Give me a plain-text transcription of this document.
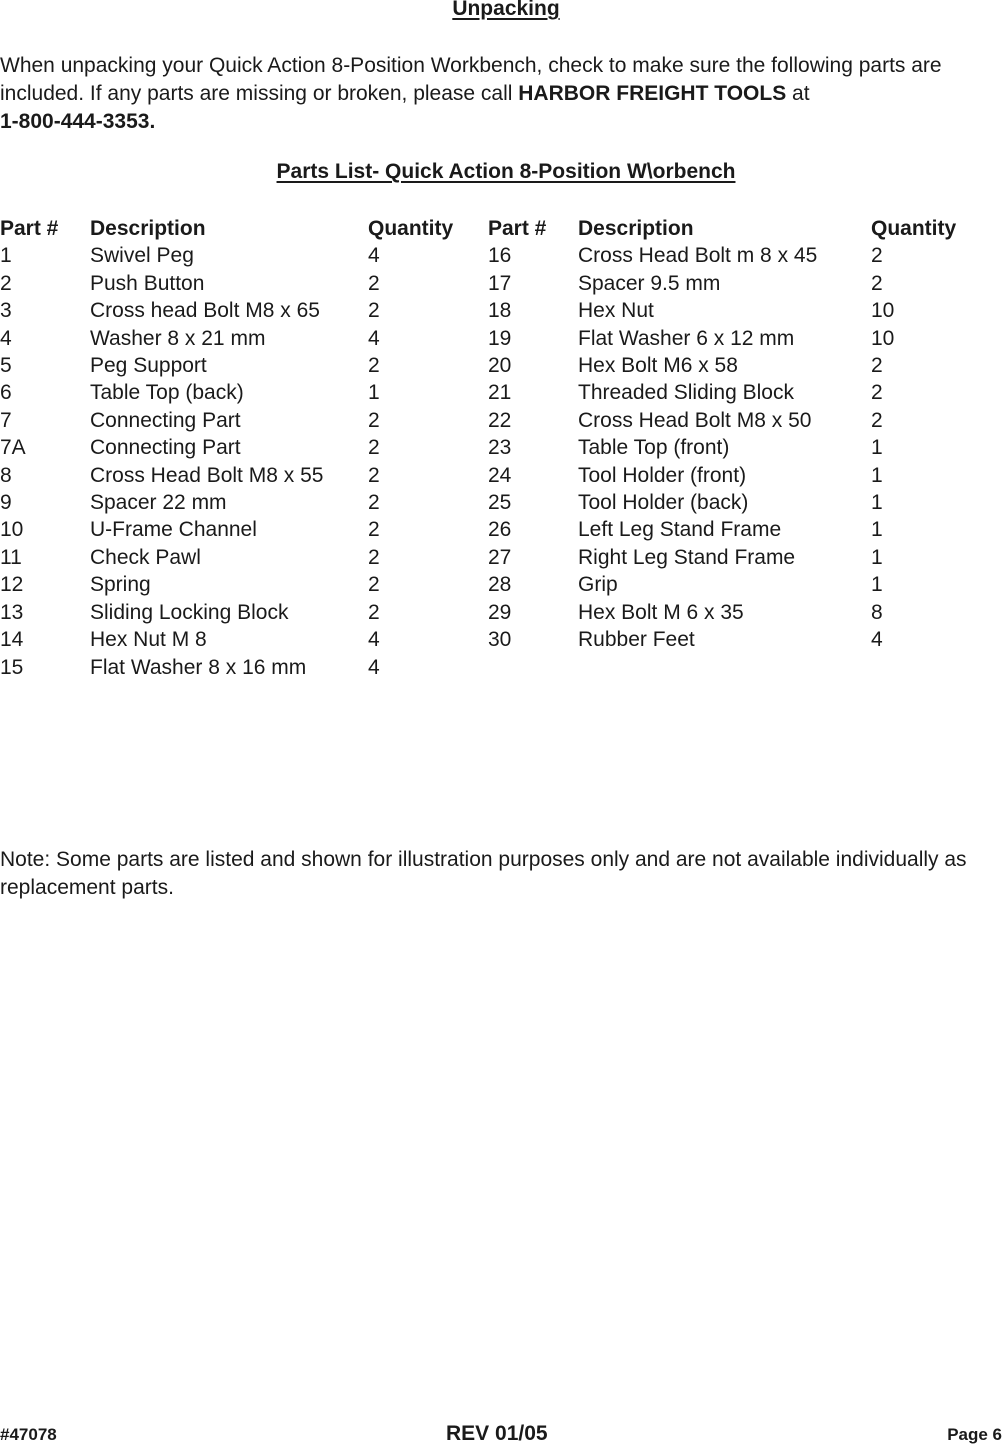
Unpacking
When unpacking your Quick Action 8-Position Workbench, check to make sure the following parts are included. If any parts are missing or broken, please call HARBOR FREIGHT TOOLS at
1-800-444-3353.
Parts List- Quick Action 8-Position W\orbench
Part #
1
2
3
4
5
6
7
7A
8
9
10
11
12
13
14
15
Description
Swivel Peg
Push Button
Cross head Bolt M8 x 65
Washer 8 x 21 mm
Peg Support
Table Top (back)
Connecting Part
Connecting Part
Cross Head Bolt M8 x 55
Spacer 22 mm
U-Frame Channel
Check Pawl
Spring
Sliding Locking Block
Hex Nut M 8
Flat Washer 8 x 16 mm
Quantity
4
2
2
4
2
1
2
2
2
2
2
2
2
2
4
4
Part #
16
17
18
19
20
21
22
23
24
25
26
27
28
29
30
Description
Cross Head Bolt m 8 x 45
Spacer 9.5 mm
Hex Nut
Flat Washer 6 x 12 mm
Hex Bolt M6 x 58
Threaded Sliding Block
Cross Head Bolt M8 x 50
Table Top (front)
Tool Holder (front)
Tool Holder (back)
Left Leg Stand Frame
Right Leg Stand Frame
Grip
Hex Bolt M 6 x 35
Rubber Feet
Quantity
2
2
10
10
2
2
2
1
1
1
1
1
1
8
4
Note: Some parts are listed and shown for illustration purposes only and are not available individually as replacement parts.
#47078	REV 01/05	Page 6
